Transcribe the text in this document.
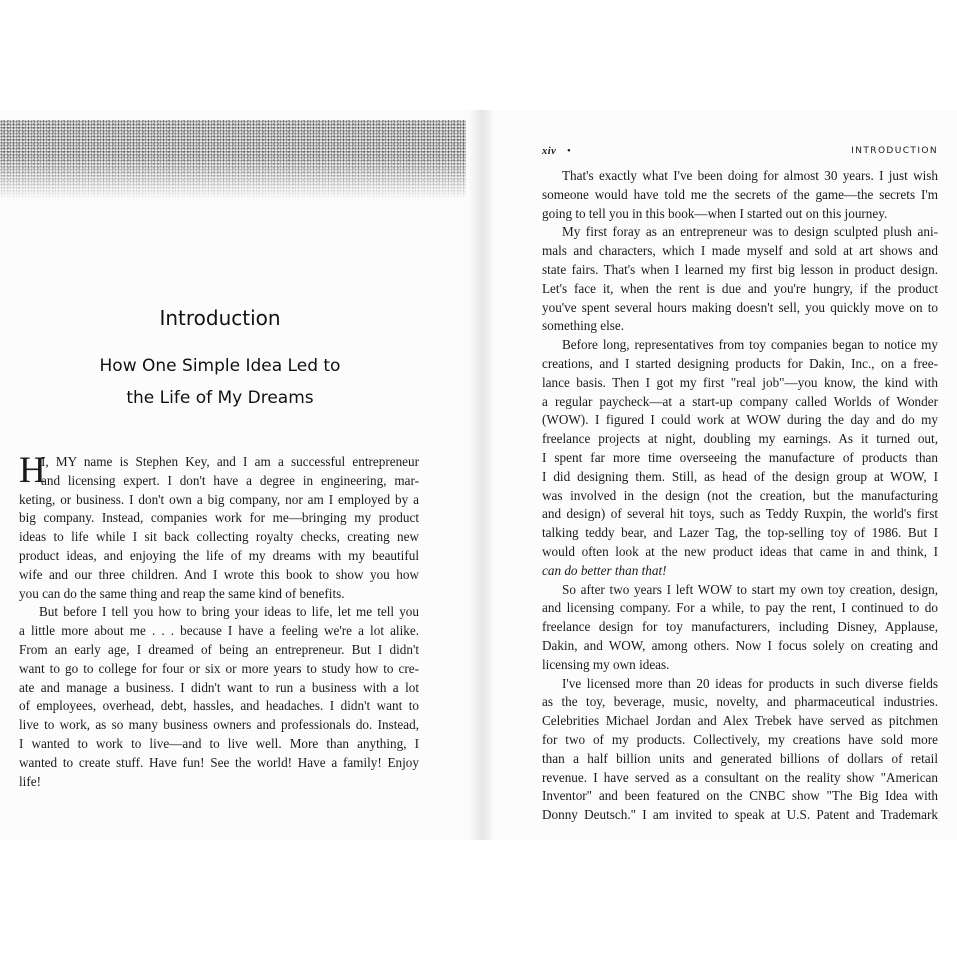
Introduction
How One Simple Idea Led to
the Life of My Dreams
H
I, MY name is Stephen Key, and I am a successful entrepreneur
and licensing expert. I don't have a degree in engineering, mar-
keting, or business. I don't own a big company, nor am I employed by a
big company. Instead, companies work for me—bringing my product
ideas to life while I sit back collecting royalty checks, creating new
product ideas, and enjoying the life of my dreams with my beautiful
wife and our three children. And I wrote this book to show you how
you can do the same thing and reap the same kind of benefits.
But before I tell you how to bring your ideas to life, let me tell you
a little more about me . . . because I have a feeling we're a lot alike.
From an early age, I dreamed of being an entrepreneur. But I didn't
want to go to college for four or six or more years to study how to cre-
ate and manage a business. I didn't want to run a business with a lot
of employees, overhead, debt, hassles, and headaches. I didn't want to
live to work, as so many business owners and professionals do. Instead,
I wanted to work to live—and to live well. More than anything, I
wanted to create stuff. Have fun! See the world! Have a family! Enjoy
life!
xiv •	INTRODUCTION
That's exactly what I've been doing for almost 30 years. I just wish
someone would have told me the secrets of the game—the secrets I'm
going to tell you in this book—when I started out on this journey.
My first foray as an entrepreneur was to design sculpted plush ani-
mals and characters, which I made myself and sold at art shows and
state fairs. That's when I learned my first big lesson in product design.
Let's face it, when the rent is due and you're hungry, if the product
you've spent several hours making doesn't sell, you quickly move on to
something else.
Before long, representatives from toy companies began to notice my
creations, and I started designing products for Dakin, Inc., on a free-
lance basis. Then I got my first "real job"—you know, the kind with
a regular paycheck—at a start-up company called Worlds of Wonder
(WOW). I figured I could work at WOW during the day and do my
freelance projects at night, doubling my earnings. As it turned out,
I spent far more time overseeing the manufacture of products than
I did designing them. Still, as head of the design group at WOW, I
was involved in the design (not the creation, but the manufacturing
and design) of several hit toys, such as Teddy Ruxpin, the world's first
talking teddy bear, and Lazer Tag, the top-selling toy of 1986. But I
would often look at the new product ideas that came in and think, I
can do better than that!
So after two years I left WOW to start my own toy creation, design,
and licensing company. For a while, to pay the rent, I continued to do
freelance design for toy manufacturers, including Disney, Applause,
Dakin, and WOW, among others. Now I focus solely on creating and
licensing my own ideas.
I've licensed more than 20 ideas for products in such diverse fields
as the toy, beverage, music, novelty, and pharmaceutical industries.
Celebrities Michael Jordan and Alex Trebek have served as pitchmen
for two of my products. Collectively, my creations have sold more
than a half billion units and generated billions of dollars of retail
revenue. I have served as a consultant on the reality show "American
Inventor" and been featured on the CNBC show "The Big Idea with
Donny Deutsch." I am invited to speak at U.S. Patent and Trademark
